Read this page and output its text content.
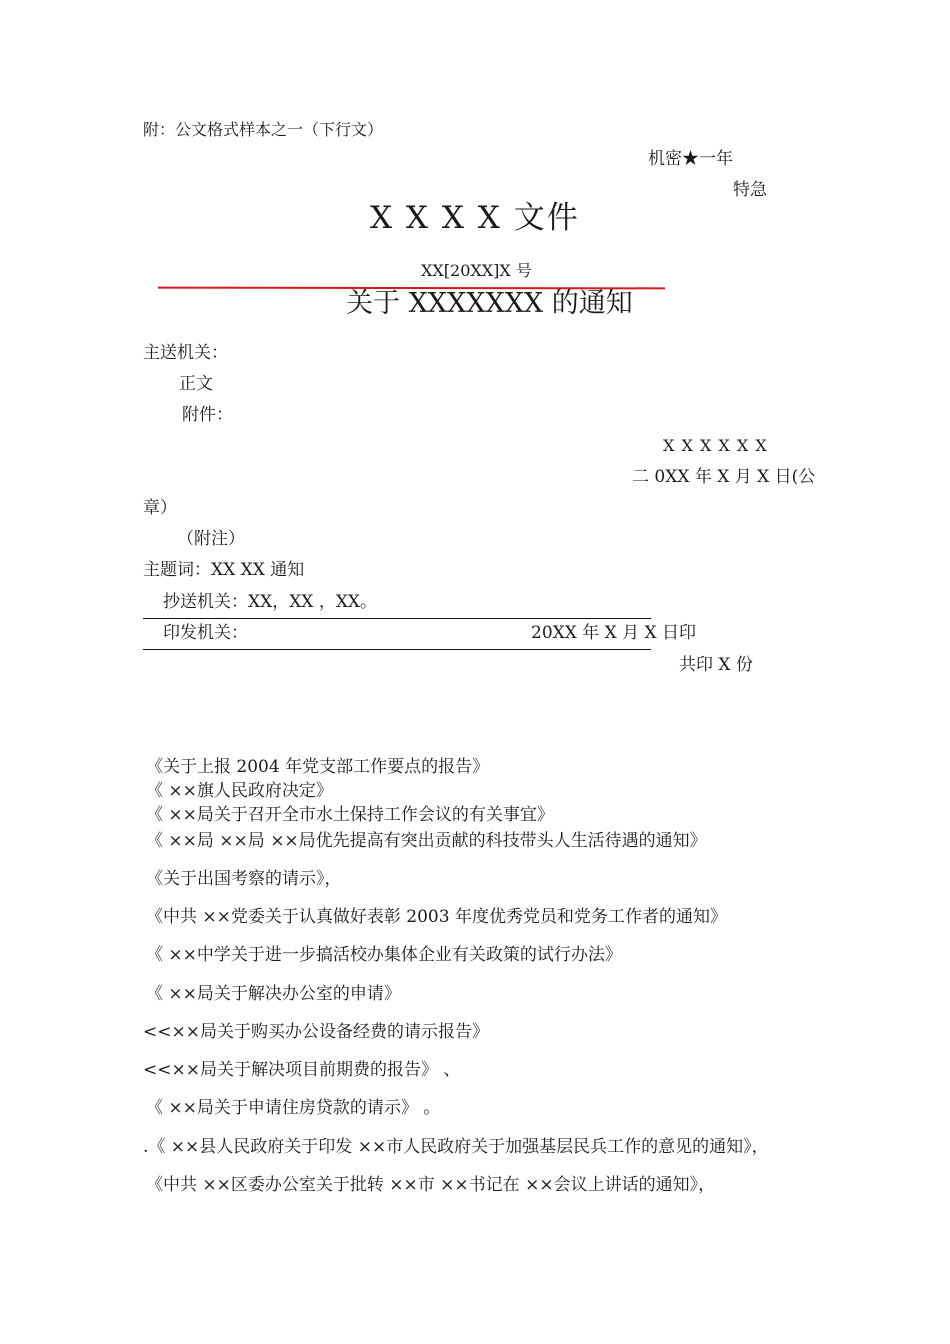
附：公文格式样本之一（下行文）
机密★一年
特急
X X X X 文件
XX[20XX]X 号
关于 XXXXXXX 的通知
主送机关：
正文
附件：
X X X X X X
二 0XX 年 X 月 X 日(公
章）
（附注）
主题词：XX XX 通知
抄送机关：XX，XX ，XX。
印发机关：	20XX 年 X 月 X 日印
共印 X 份
《关于上报 2004 年党支部工作要点的报告》
《 ××旗人民政府决定》
《 ××局关于召开全市水土保持工作会议的有关事宜》
《 ××局 ××局 ××局优先提高有突出贡献的科技带头人生活待遇的通知》
《关于出国考察的请示》，
《中共 ××党委关于认真做好表彰 2003 年度优秀党员和党务工作者的通知》
《 ××中学关于进一步搞活校办集体企业有关政策的试行办法》
《 ××局关于解决办公室的申请》
<<××局关于购买办公设备经费的请示报告》
<<××局关于解决项目前期费的报告》 、
《 ××局关于申请住房贷款的请示》 。
.《 ××县人民政府关于印发 ××市人民政府关于加强基层民兵工作的意见的通知》，
《中共 ××区委办公室关于批转 ××市 ××书记在 ××会议上讲话的通知》，
